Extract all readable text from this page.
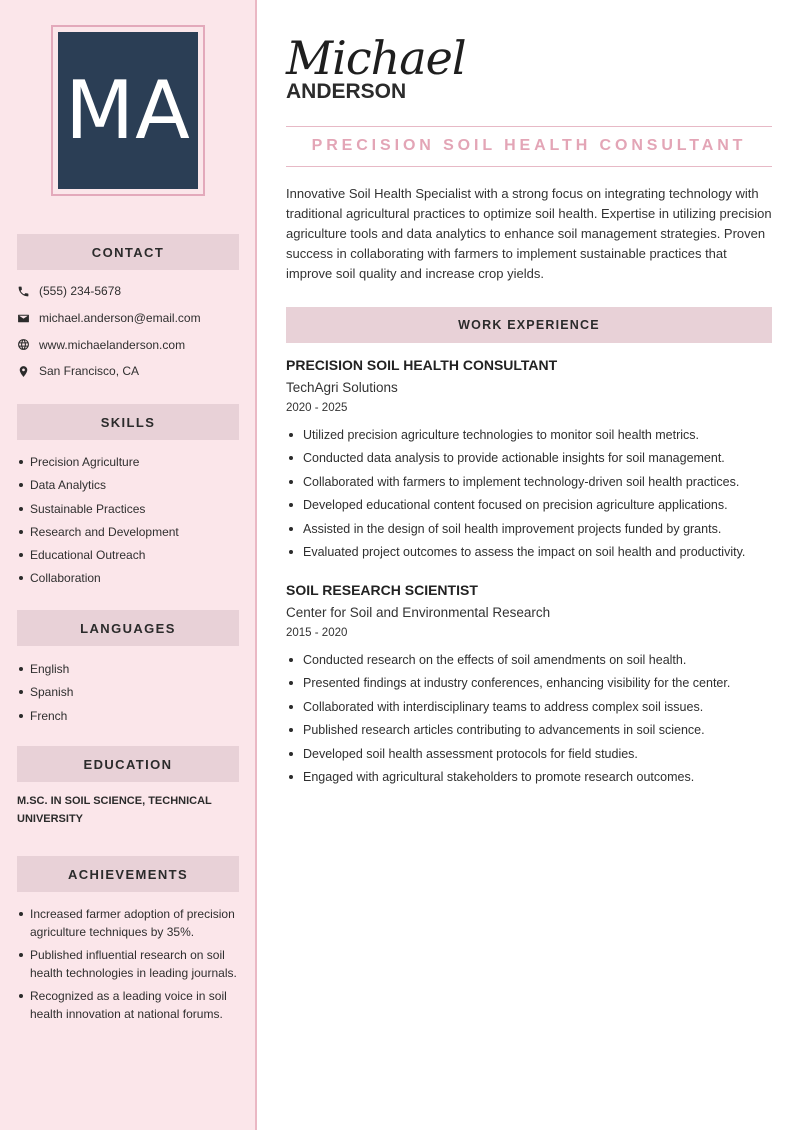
MA
CONTACT
(555) 234-5678
michael.anderson@email.com
www.michaelanderson.com
San Francisco, CA
SKILLS
Precision Agriculture
Data Analytics
Sustainable Practices
Research and Development
Educational Outreach
Collaboration
LANGUAGES
English
Spanish
French
EDUCATION
M.SC. IN SOIL SCIENCE, TECHNICAL UNIVERSITY
ACHIEVEMENTS
Increased farmer adoption of precision agriculture techniques by 35%.
Published influential research on soil health technologies in leading journals.
Recognized as a leading voice in soil health innovation at national forums.
Michael
ANDERSON
PRECISION SOIL HEALTH CONSULTANT

Innovative Soil Health Specialist with a strong focus on integrating technology with traditional agricultural practices to optimize soil health. Expertise in utilizing precision agriculture tools and data analytics to enhance soil management strategies. Proven success in collaborating with farmers to implement sustainable practices that improve soil quality and increase crop yields.

WORK EXPERIENCE
PRECISION SOIL HEALTH CONSULTANT
TechAgri Solutions
2020 - 2025
Utilized precision agriculture technologies to monitor soil health metrics.
Conducted data analysis to provide actionable insights for soil management.
Collaborated with farmers to implement technology-driven soil health practices.
Developed educational content focused on precision agriculture applications.
Assisted in the design of soil health improvement projects funded by grants.
Evaluated project outcomes to assess the impact on soil health and productivity.
SOIL RESEARCH SCIENTIST
Center for Soil and Environmental Research
2015 - 2020
Conducted research on the effects of soil amendments on soil health.
Presented findings at industry conferences, enhancing visibility for the center.
Collaborated with interdisciplinary teams to address complex soil issues.
Published research articles contributing to advancements in soil science.
Developed soil health assessment protocols for field studies.
Engaged with agricultural stakeholders to promote research outcomes.
